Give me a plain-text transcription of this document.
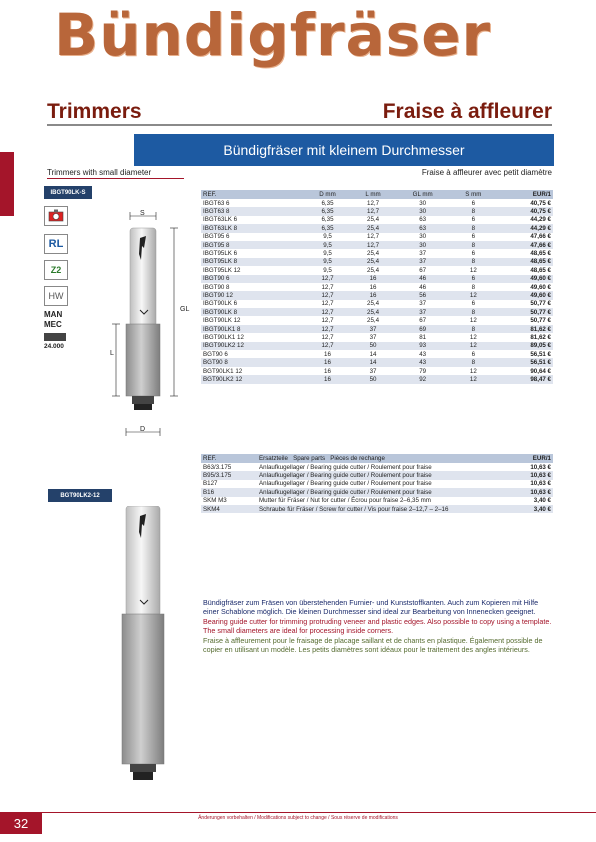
Bündigfräser
Trimmers	Fraise à affleurer
Bündigfräser mit kleinem Durchmesser
Trimmers with small diameter	Fraise à affleurer avec petit diamètre
IBGT90LK-S
RL
Z2
HW
MAN
MEC
24.000
S
GL
L
D
BGT90LK2-12
REF.	D mm	L mm	GL mm	S mm	EUR/1
IBGT63 6	6,35	12,7	30	6	40,75 €
IBGT63 8	6,35	12,7	30	8	40,75 €
IBGT63LK 6	6,35	25,4	63	6	44,29 €
IBGT63LK 8	6,35	25,4	63	8	44,29 €
IBGT95 6	9,5	12,7	30	6	47,66 €
IBGT95 8	9,5	12,7	30	8	47,66 €
IBGT95LK 6	9,5	25,4	37	6	48,65 €
IBGT95LK 8	9,5	25,4	37	8	48,65 €
IBGT95LK 12	9,5	25,4	67	12	48,65 €
IBGT90 6	12,7	16	46	6	49,60 €
IBGT90 8	12,7	16	46	8	49,60 €
IBGT90 12	12,7	16	56	12	49,60 €
IBGT90LK 6	12,7	25,4	37	6	50,77 €
IBGT90LK 8	12,7	25,4	37	8	50,77 €
IBGT90LK 12	12,7	25,4	67	12	50,77 €
IBGT90LK1 8	12,7	37	69	8	81,62 €
IBGT90LK1 12	12,7	37	81	12	81,62 €
IBGT90LK2 12	12,7	50	93	12	89,05 €
BGT90 6	16	14	43	6	56,51 €
BGT90 8	16	14	43	8	56,51 €
BGT90LK1 12	16	37	79	12	90,64 €
BGT90LK2 12	16	50	92	12	98,47 €
REF.	Ersatzteile Spare parts Pièces de rechange	EUR/1
B63/3.175	Anlaufkugellager / Bearing guide cutter / Roulement pour fraise	10,63 €
B95/3.175	Anlaufkugellager / Bearing guide cutter / Roulement pour fraise	10,63 €
B127	Anlaufkugellager / Bearing guide cutter / Roulement pour fraise	10,63 €
B16	Anlaufkugellager / Bearing guide cutter / Roulement pour fraise	10,63 €
SKM M3	Mutter für Fräser / Nut for cutter / Écrou pour fraise 2–6,35 mm	3,40 €
SKM4	Schraube für Fräser / Screw for cutter / Vis pour fraise 2–12,7 – 2–16	3,40 €
Bündigfräser zum Fräsen von überstehenden Furnier- und Kunststoffkanten. Auch zum Kopieren mit Hilfe einer Schablone möglich. Die kleinen Durchmesser sind ideal zur Bearbeitung von Innenecken geeignet.
Bearing guide cutter for trimming protruding veneer and plastic edges. Also possible to copy using a template. The small diameters are ideal for processing inside corners.
Fraise à affleurement pour le fraisage de placage saillant et de chants en plastique. Également possible de copier en utilisant un modèle. Les petits diamètres sont idéaux pour le traitement des angles intérieurs.
32	Änderungen vorbehalten / Modifications subject to change / Sous réserve de modifications
